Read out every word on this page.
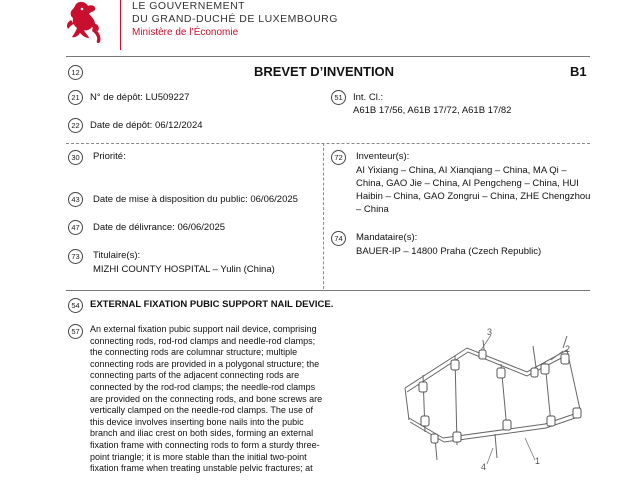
LE GOUVERNEMENT
DU GRAND-DUCHÉ DE LUXEMBOURG
Ministère de l’Économie
12	BREVET D’INVENTION	B1
21	N° de dépôt: LU509227
22	Date de dépôt: 06/12/2024
51	Int. Cl.:
A61B 17/56, A61B 17/72, A61B 17/82
30	Priorité:
43	Date de mise à disposition du public: 06/06/2025
47	Date de délivrance: 06/06/2025
73	Titulaire(s):
MIZHI COUNTY HOSPITAL – Yulin (China)
72	Inventeur(s):
AI Yixiang – China, AI Xianqiang – China, MA Qi –
China, GAO Jie – China, AI Pengcheng – China, HUI
Haibin – China, GAO Zongrui – China, ZHE Chengzhou
– China
74	Mandataire(s):
BAUER-IP – 14800 Praha (Czech Republic)
54	EXTERNAL FIXATION PUBIC SUPPORT NAIL DEVICE.
57	An external fixation pubic support nail device, comprising
connecting rods, rod-rod clamps and needle-rod clamps;
the connecting rods are columnar structure; multiple
connecting rods are provided in a polygonal structure; the
connecting parts of the adjacent connecting rods are
connected by the rod-rod clamps; the needle-rod clamps
are provided on the connecting rods, and bone screws are
vertically clamped on the needle-rod clamps. The use of
this device involves inserting bone nails into the pubic
branch and iliac crest on both sides, forming an external
fixation frame with connecting rods to form a sturdy three-
point triangle; it is more stable than the initial two-point
fixation frame when treating unstable pelvic fractures; at
3
2
4
1
